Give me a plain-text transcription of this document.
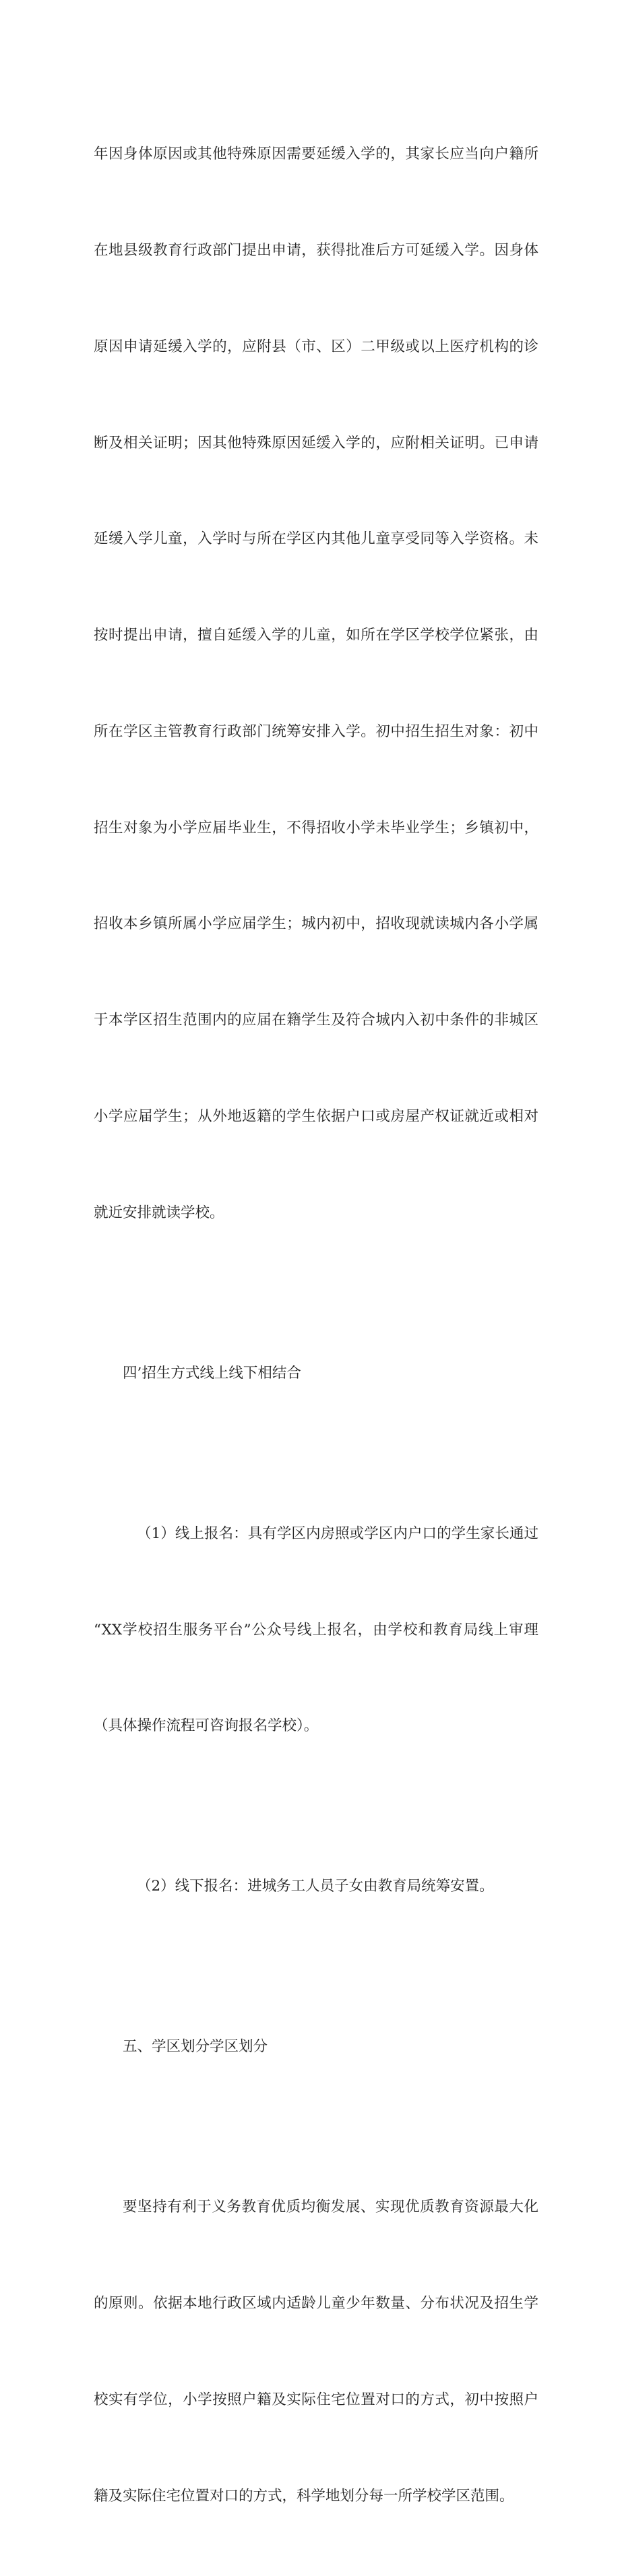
年因身体原因或其他特殊原因需要延缓入学的，其家长应当向户籍所

在地县级教育行政部门提出申请，获得批准后方可延缓入学。因身体

原因申请延缓入学的，应附县（市、区）二甲级或以上医疗机构的诊

断及相关证明；因其他特殊原因延缓入学的，应附相关证明。已申请

延缓入学儿童，入学时与所在学区内其他儿童享受同等入学资格。未

按时提出申请，擅自延缓入学的儿童，如所在学区学校学位紧张，由

所在学区主管教育行政部门统筹安排入学。初中招生招生对象：初中

招生对象为小学应届毕业生，不得招收小学未毕业学生；乡镇初中，

招收本乡镇所属小学应届学生；城内初中，招收现就读城内各小学属

于本学区招生范围内的应届在籍学生及符合城内入初中条件的非城区

小学应届学生；从外地返籍的学生依据户口或房屋产权证就近或相对

就近安排就读学校。

四’招生方式线上线下相结合

（1）线上报名：具有学区内房照或学区内户口的学生家长通过

“XX学校招生服务平台”公众号线上报名，由学校和教育局线上审理

（具体操作流程可咨询报名学校）。

（2）线下报名：进城务工人员子女由教育局统筹安置。

五、学区划分学区划分

要坚持有利于义务教育优质均衡发展、实现优质教育资源最大化

的原则。依据本地行政区域内适龄儿童少年数量、分布状况及招生学

校实有学位，小学按照户籍及实际住宅位置对口的方式，初中按照户

籍及实际住宅位置对口的方式，科学地划分每一所学校学区范围。
